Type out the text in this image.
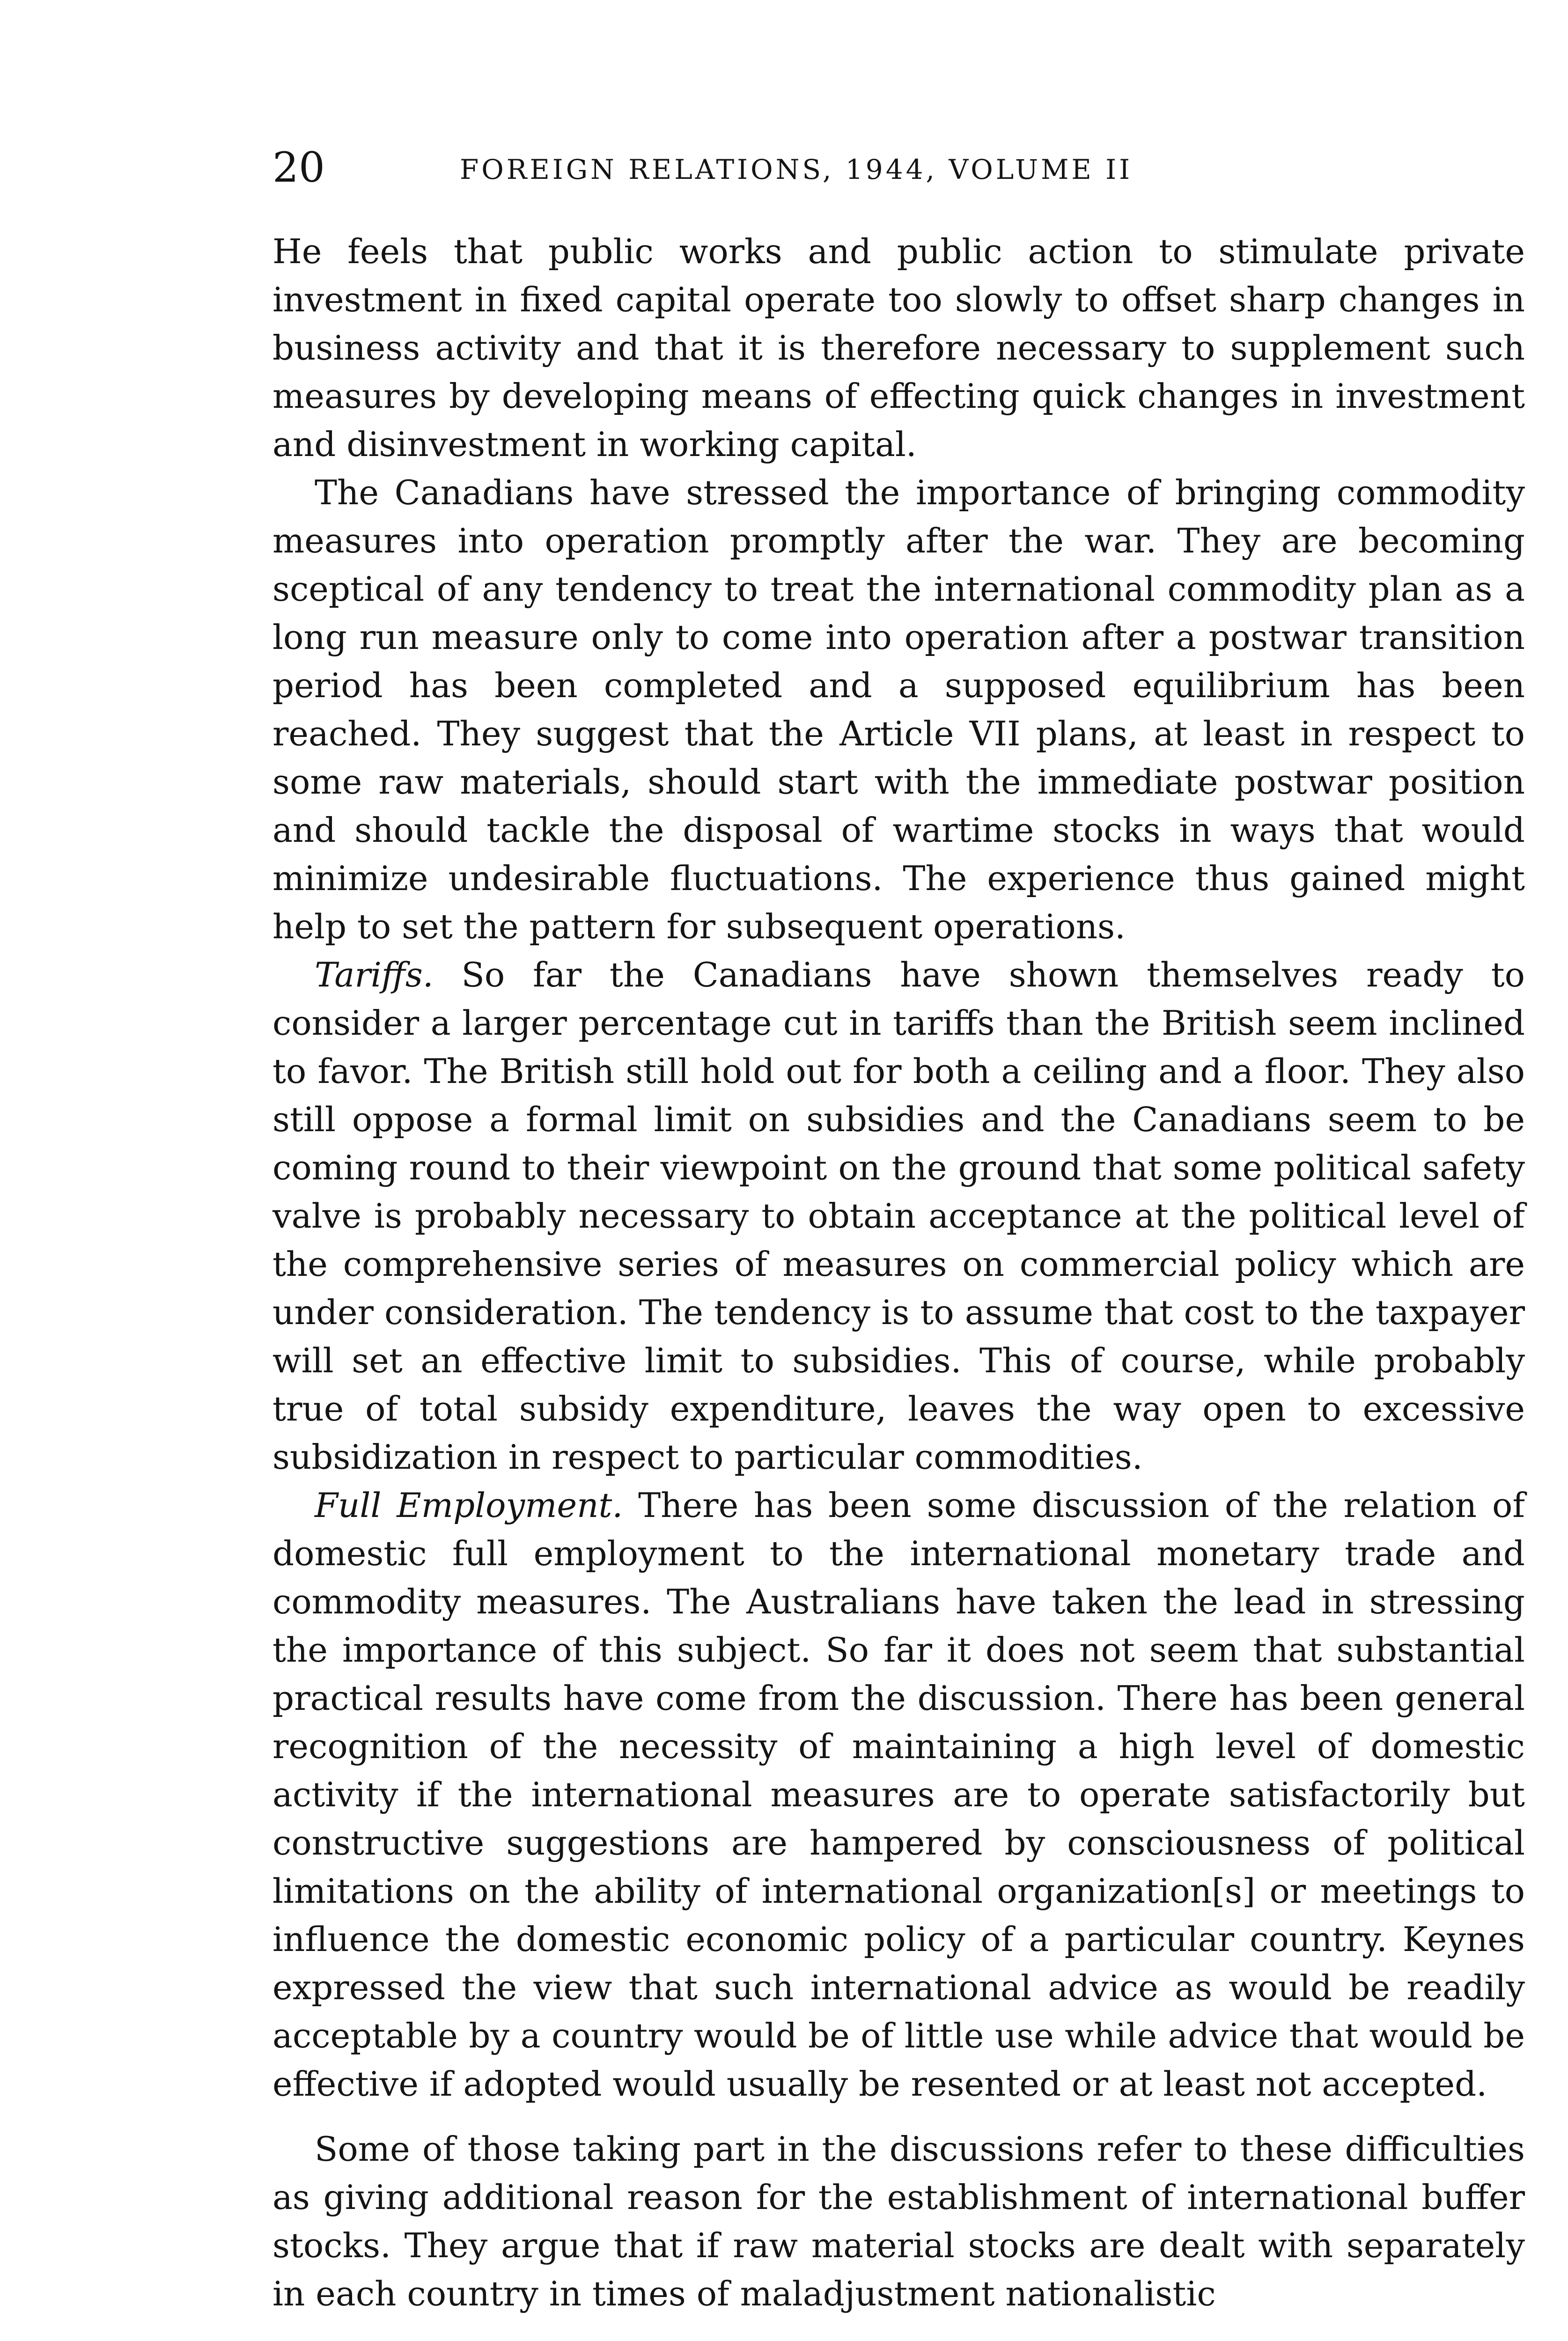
20	FOREIGN RELATIONS, 1944, VOLUME II

He feels that public works and public action to stimulate private investment in fixed capital operate too slowly to offset sharp changes in business activity and that it is therefore necessary to supplement such measures by developing means of effecting quick changes in investment and disinvestment in working capital.

The Canadians have stressed the importance of bringing commodity measures into operation promptly after the war. They are becoming sceptical of any tendency to treat the international commodity plan as a long run measure only to come into operation after a postwar transition period has been completed and a supposed equilibrium has been reached. They suggest that the Article VII plans, at least in respect to some raw materials, should start with the immediate postwar position and should tackle the disposal of wartime stocks in ways that would minimize undesirable fluctuations. The experience thus gained might help to set the pattern for subsequent operations.

Tariffs. So far the Canadians have shown themselves ready to consider a larger percentage cut in tariffs than the British seem inclined to favor. The British still hold out for both a ceiling and a floor. They also still oppose a formal limit on subsidies and the Canadians seem to be coming round to their viewpoint on the ground that some political safety valve is probably necessary to obtain acceptance at the political level of the comprehensive series of measures on commercial policy which are under consideration. The tendency is to assume that cost to the taxpayer will set an effective limit to subsidies. This of course, while probably true of total subsidy expenditure, leaves the way open to excessive subsidization in respect to particular commodities.

Full Employment. There has been some discussion of the relation of domestic full employment to the international monetary trade and commodity measures. The Australians have taken the lead in stressing the importance of this subject. So far it does not seem that substantial practical results have come from the discussion. There has been general recognition of the necessity of maintaining a high level of domestic activity if the international measures are to operate satisfactorily but constructive suggestions are hampered by consciousness of political limitations on the ability of international organization[s] or meetings to influence the domestic economic policy of a particular country. Keynes expressed the view that such international advice as would be readily acceptable by a country would be of little use while advice that would be effective if adopted would usually be resented or at least not accepted.

Some of those taking part in the discussions refer to these difficulties as giving additional reason for the establishment of international buffer stocks. They argue that if raw material stocks are dealt with separately in each country in times of maladjustment nationalistic
